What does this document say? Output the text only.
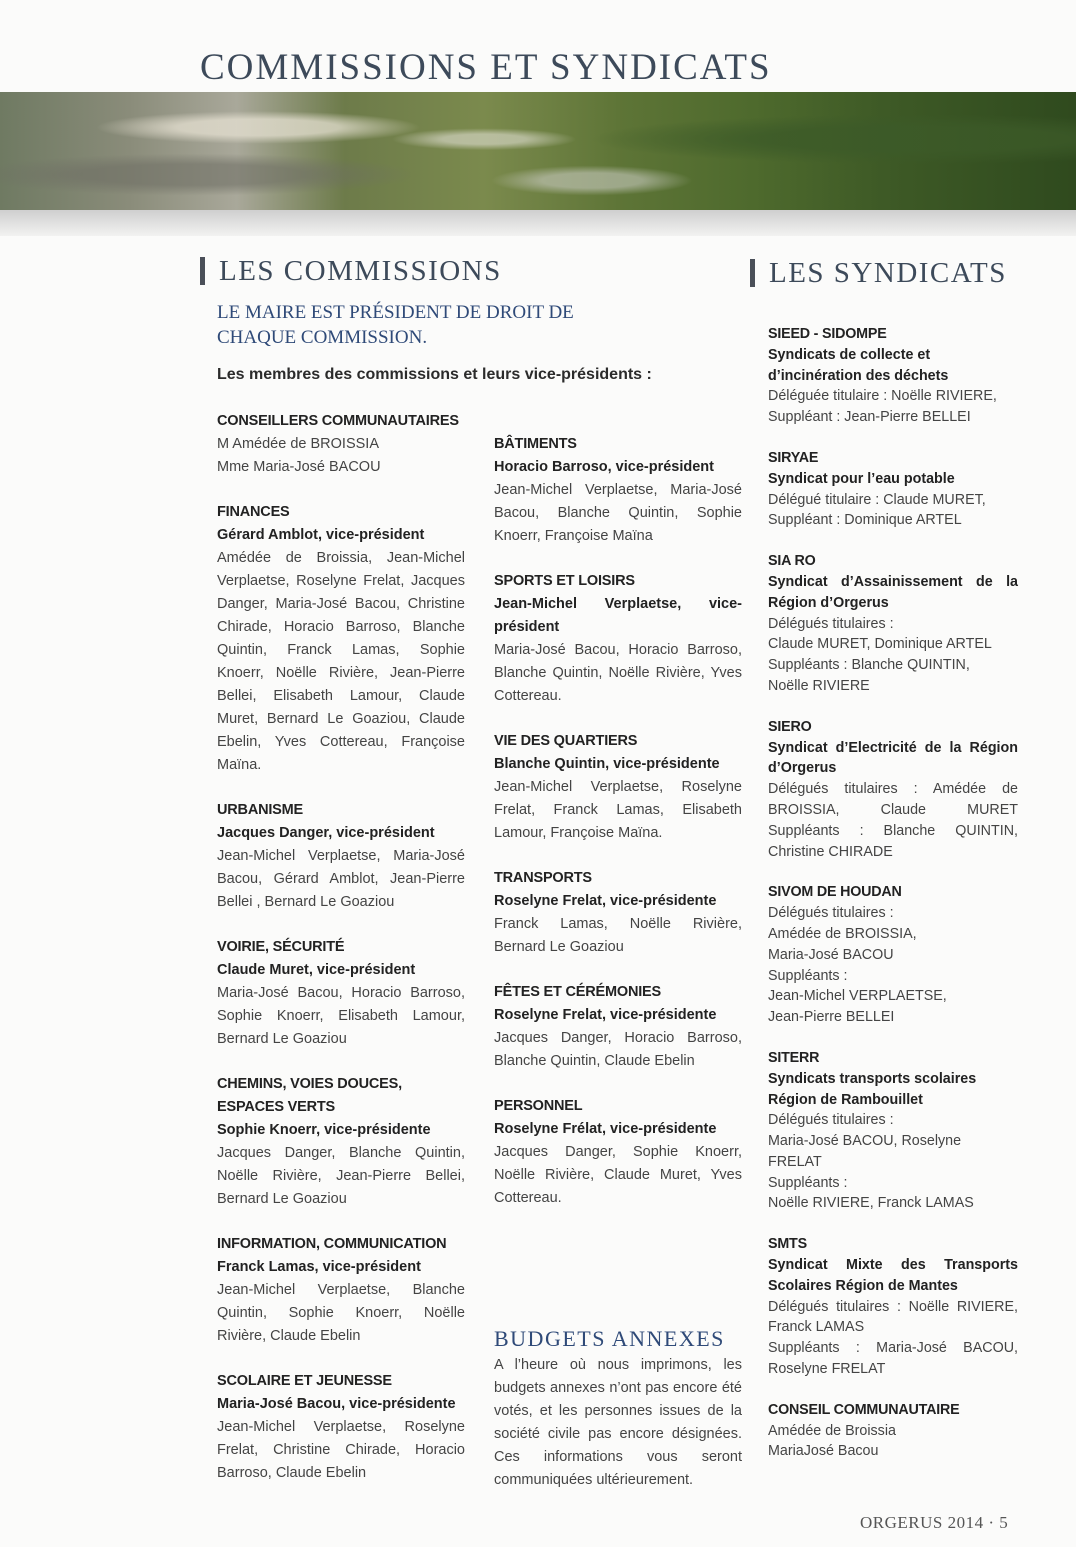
COMMISSIONS ET SYNDICATS
LES COMMISSIONS

LE MAIRE EST PRÉSIDENT DE DROIT DE CHAQUE COMMISSION.

Les membres des commissions et leurs vice-présidents :

CONSEILLERS COMMUNAUTAIRES
M Amédée de BROISSIA
Mme Maria-José BACOU
FINANCES
Gérard Amblot, vice-président
Amédée de Broissia, Jean-Michel Verplaetse, Roselyne Frelat, Jacques Danger, Maria-José Bacou, Christine Chirade, Horacio Barroso, Blanche Quintin, Franck Lamas, Sophie Knoerr, Noëlle Rivière, Jean-Pierre Bellei, Elisabeth Lamour, Claude Muret, Bernard Le Goaziou, Claude Ebelin, Yves Cottereau, Françoise Maïna.
URBANISME
Jacques Danger, vice-président
Jean-Michel Verplaetse, Maria-José Bacou, Gérard Amblot, Jean-Pierre Bellei , Bernard Le Goaziou
VOIRIE, SÉCURITÉ
Claude Muret, vice-président
Maria-José Bacou, Horacio Barroso, Sophie Knoerr, Elisabeth Lamour, Bernard Le Goaziou
CHEMINS, VOIES DOUCES,
ESPACES VERTS
Sophie Knoerr, vice-présidente
Jacques Danger, Blanche Quintin, Noëlle Rivière, Jean-Pierre Bellei, Bernard Le Goaziou
INFORMATION, COMMUNICATION
Franck Lamas, vice-président
Jean-Michel Verplaetse, Blanche Quintin, Sophie Knoerr, Noëlle Rivière, Claude Ebelin
SCOLAIRE ET JEUNESSE
Maria-José Bacou, vice-présidente
Jean-Michel Verplaetse, Roselyne Frelat, Christine Chirade, Horacio Barroso, Claude Ebelin
BÂTIMENTS
Horacio Barroso, vice-président
Jean-Michel Verplaetse, Maria-José Bacou, Blanche Quintin, Sophie Knoerr, Françoise Maïna
SPORTS ET LOISIRS
Jean-Michel Verplaetse, vice-président
Maria-José Bacou, Horacio Barroso, Blanche Quintin, Noëlle Rivière, Yves Cottereau.
VIE DES QUARTIERS
Blanche Quintin, vice-présidente
Jean-Michel Verplaetse, Roselyne Frelat, Franck Lamas, Elisabeth Lamour, Françoise Maïna.
TRANSPORTS
Roselyne Frelat, vice-présidente
Franck Lamas, Noëlle Rivière, Bernard Le Goaziou
FÊTES ET CÉRÉMONIES
Roselyne Frelat, vice-présidente
Jacques Danger, Horacio Barroso, Blanche Quintin, Claude Ebelin
PERSONNEL
Roselyne Frélat, vice-présidente
Jacques Danger, Sophie Knoerr, Noëlle Rivière, Claude Muret, Yves Cottereau.
BUDGETS ANNEXES

A l’heure où nous imprimons, les budgets annexes n’ont pas encore été votés, et les personnes issues de la société civile pas encore désignées. Ces informations vous seront communiquées ultérieurement.

LES SYNDICATS
SIEED - SIDOMPE
Syndicats de collecte et d’incinération des déchets
Déléguée titulaire : Noëlle RIVIERE,
Suppléant : Jean-Pierre BELLEI
SIRYAE
Syndicat pour l’eau potable
Délégué titulaire : Claude MURET,
Suppléant : Dominique ARTEL
SIA RO
Syndicat d’Assainissement de la Région d’Orgerus
Délégués titulaires :
Claude MURET, Dominique ARTEL
Suppléants : Blanche QUINTIN,
Noëlle RIVIERE
SIERO
Syndicat d’Electricité de la Région d’Orgerus
Délégués titulaires : Amédée de BROISSIA, Claude MURET Suppléants : Blanche QUINTIN, Christine CHIRADE
SIVOM DE HOUDAN
Délégués titulaires :
Amédée de BROISSIA,
Maria-José BACOU
Suppléants :
Jean-Michel VERPLAETSE,
Jean-Pierre BELLEI
SITERR
Syndicats transports scolaires Région de Rambouillet
Délégués titulaires :
Maria-José BACOU, Roselyne FRELAT
Suppléants :
Noëlle RIVIERE, Franck LAMAS
SMTS
Syndicat Mixte des Transports Scolaires Région de Mantes
Délégués titulaires : Noëlle RIVIERE, Franck LAMAS
Suppléants : Maria-José BACOU, Roselyne FRELAT
CONSEIL COMMUNAUTAIRE
Amédée de Broissia
MariaJosé Bacou

ORGERUS 2014 · 5
